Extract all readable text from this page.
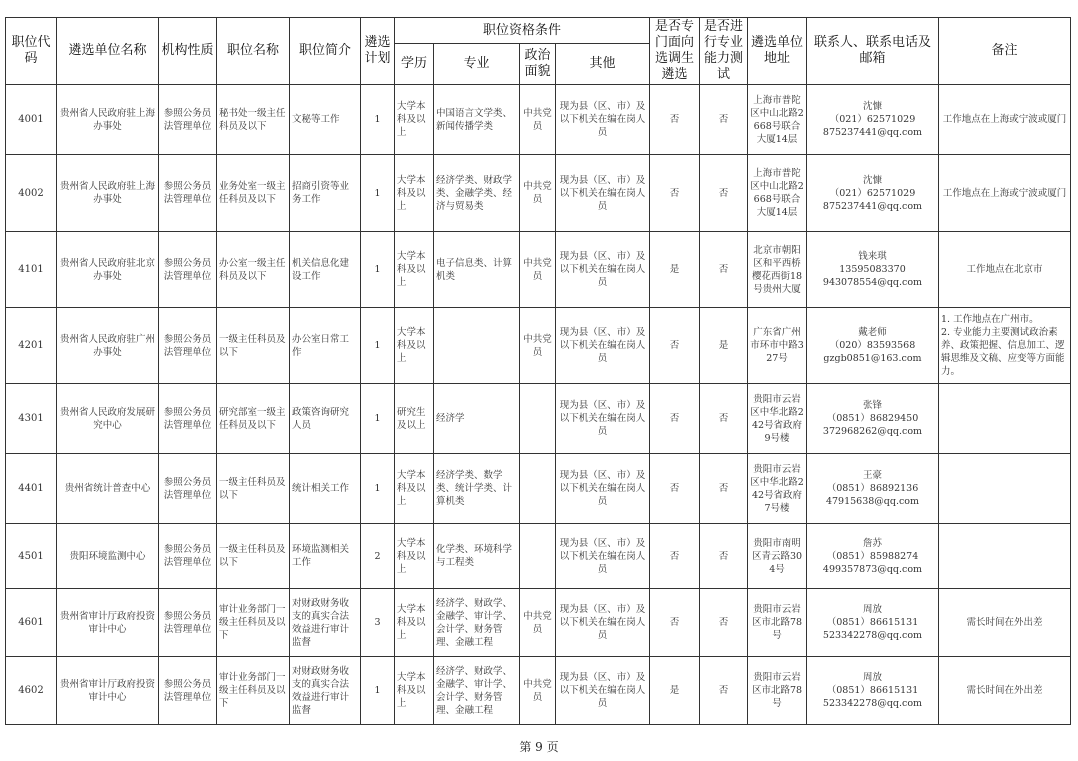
职位代码	遴选单位名称	机构性质	职位名称	职位简介	遴选计划	职位资格条件				是否专门面向选调生遴选	是否进行专业能力测试	遴选单位地址	联系人、联系电话及邮箱	备注
						学历	专业	政治面貌	其他					
4001	贵州省人民政府驻上海办事处	参照公务员法管理单位	秘书处一级主任科员及以下	文秘等工作	1	大学本科及以上	中国语言文学类、新闻传播学类	中共党员	现为县（区、市）及以下机关在编在岗人员	否	否	上海市普陀区中山北路2668号联合大厦14层	沈慷
（021）62571029
875237441@qq.com	工作地点在上海或宁波或厦门
4002	贵州省人民政府驻上海办事处	参照公务员法管理单位	业务处室一级主任科员及以下	招商引资等业务工作	1	大学本科及以上	经济学类、财政学类、金融学类、经济与贸易类	中共党员	现为县（区、市）及以下机关在编在岗人员	否	否	上海市普陀区中山北路2668号联合大厦14层	沈慷
（021）62571029
875237441@qq.com	工作地点在上海或宁波或厦门
4101	贵州省人民政府驻北京办事处	参照公务员法管理单位	办公室一级主任科员及以下	机关信息化建设工作	1	大学本科及以上	电子信息类、计算机类	中共党员	现为县（区、市）及以下机关在编在岗人员	是	否	北京市朝阳区和平西桥樱花西街18号贵州大厦	钱来琪
13595083370
943078554@qq.com	工作地点在北京市
4201	贵州省人民政府驻广州办事处	参照公务员法管理单位	一级主任科员及以下	办公室日常工作	1	大学本科及以上		中共党员	现为县（区、市）及以下机关在编在岗人员	否	是	广东省广州市环市中路327号	戴老师
（020）83593568
gzgb0851@163.com	1. 工作地点在广州市。
2. 专业能力主要测试政治素养、政策把握、信息加工、逻辑思维及文稿、应变等方面能力。
4301	贵州省人民政府发展研究中心	参照公务员法管理单位	研究部室一级主任科员及以下	政策咨询研究人员	1	研究生及以上	经济学		现为县（区、市）及以下机关在编在岗人员	否	否	贵阳市云岩区中华北路242号省政府9号楼	张锋
（0851）86829450
372968262@qq.com	
4401	贵州省统计普查中心	参照公务员法管理单位	一级主任科员及以下	统计相关工作	1	大学本科及以上	经济学类、数学类、统计学类、计算机类		现为县（区、市）及以下机关在编在岗人员	否	否	贵阳市云岩区中华北路242号省政府7号楼	王豪
（0851）86892136
47915638@qq.com	
4501	贵阳环境监测中心	参照公务员法管理单位	一级主任科员及以下	环境监测相关工作	2	大学本科及以上	化学类、环境科学与工程类		现为县（区、市）及以下机关在编在岗人员	否	否	贵阳市南明区青云路304号	詹苏
（0851）85988274
499357873@qq.com	
4601	贵州省审计厅政府投资审计中心	参照公务员法管理单位	审计业务部门一级主任科员及以下	对财政财务收支的真实合法效益进行审计监督	3	大学本科及以上	经济学、财政学、金融学、审计学、会计学、财务管理、金融工程	中共党员	现为县（区、市）及以下机关在编在岗人员	否	否	贵阳市云岩区市北路78号	周放
（0851）86615131
523342278@qq.com	需长时间在外出差
4602	贵州省审计厅政府投资审计中心	参照公务员法管理单位	审计业务部门一级主任科员及以下	对财政财务收支的真实合法效益进行审计监督	1	大学本科及以上	经济学、财政学、金融学、审计学、会计学、财务管理、金融工程	中共党员	现为县（区、市）及以下机关在编在岗人员	是	否	贵阳市云岩区市北路78号	周放
（0851）86615131
523342278@qq.com	需长时间在外出差
第 9 页
